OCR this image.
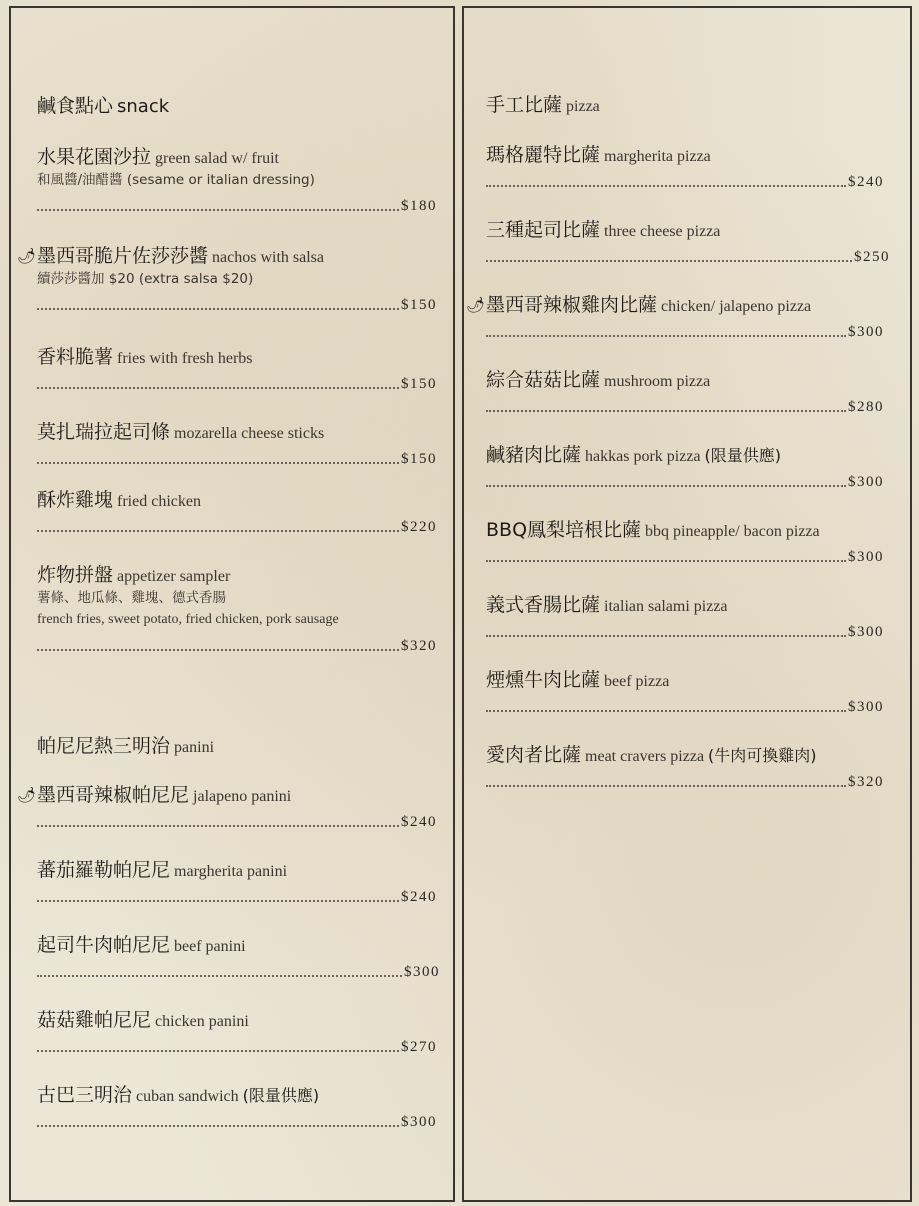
鹹食點心 snack
水果花園沙拉 green salad w/ fruit
和風醬/油醋醬 (sesame or italian dressing)
$180
墨西哥脆片佐莎莎醬 nachos with salsa
🌶
續莎莎醬加 $20 (extra salsa $20)
$150
香料脆薯 fries with fresh herbs
$150
莫扎瑞拉起司條 mozarella cheese sticks
$150
酥炸雞塊 fried chicken
$220
炸物拼盤 appetizer sampler
薯條、地瓜條、雞塊、德式香腸
french fries, sweet potato, fried chicken, pork sausage
$320
帕尼尼熱三明治 panini
墨西哥辣椒帕尼尼 jalapeno panini
🌶
$240
蕃茄羅勒帕尼尼 margherita panini
$240
起司牛肉帕尼尼 beef panini
$300
菇菇雞帕尼尼 chicken panini
$270
古巴三明治 cuban sandwich (限量供應)
$300
手工比薩 pizza
瑪格麗特比薩 margherita pizza
$240
三種起司比薩 three cheese pizza
$250
墨西哥辣椒雞肉比薩 chicken/ jalapeno pizza
🌶
$300
綜合菇菇比薩 mushroom pizza
$280
鹹豬肉比薩 hakkas pork pizza (限量供應)
$300
BBQ鳳梨培根比薩 bbq pineapple/ bacon pizza
$300
義式香腸比薩 italian salami pizza
$300
煙燻牛肉比薩 beef pizza
$300
愛肉者比薩 meat cravers pizza (牛肉可換雞肉)
$320
